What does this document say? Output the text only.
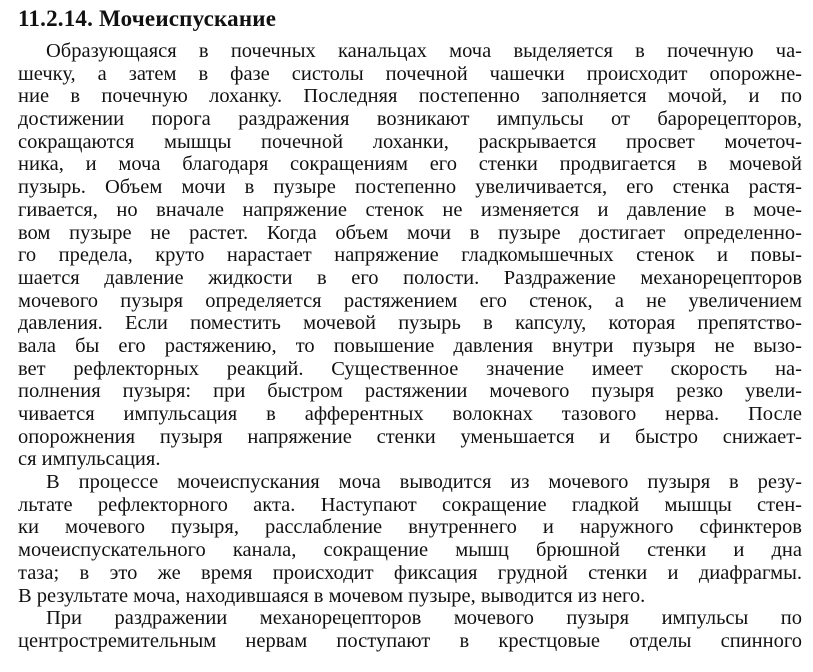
11.2.14. Мочеиспускание
Образующаяся в почечных канальцах моча выделяется в почечную ча-
шечку, а затем в фазе систолы почечной чашечки происходит опорожне-
ние в почечную лоханку. Последняя постепенно заполняется мочой, и по
достижении порога раздражения возникают импульсы от барорецепторов,
сокращаются мышцы почечной лоханки, раскрывается просвет мочеточ-
ника, и моча благодаря сокращениям его стенки продвигается в мочевой
пузырь. Объем мочи в пузыре постепенно увеличивается, его стенка растя-
гивается, но вначале напряжение стенок не изменяется и давление в моче-
вом пузыре не растет. Когда объем мочи в пузыре достигает определенно-
го предела, круто нарастает напряжение гладкомышечных стенок и повы-
шается давление жидкости в его полости. Раздражение механорецепторов
мочевого пузыря определяется растяжением его стенок, а не увеличением
давления. Если поместить мочевой пузырь в капсулу, которая препятство-
вала бы его растяжению, то повышение давления внутри пузыря не вызо-
вет рефлекторных реакций. Существенное значение имеет скорость на-
полнения пузыря: при быстром растяжении мочевого пузыря резко увели-
чивается импульсация в афферентных волокнах тазового нерва. После
опорожнения пузыря напряжение стенки уменьшается и быстро снижает-
ся импульсация.
В процессе мочеиспускания моча выводится из мочевого пузыря в резу-
льтате рефлекторного акта. Наступают сокращение гладкой мышцы стен-
ки мочевого пузыря, расслабление внутреннего и наружного сфинктеров
мочеиспускательного канала, сокращение мышц брюшной стенки и дна
таза; в это же время происходит фиксация грудной стенки и диафрагмы.
В результате моча, находившаяся в мочевом пузыре, выводится из него.
При раздражении механорецепторов мочевого пузыря импульсы по
центростремительным нервам поступают в крестцовые отделы спинного
